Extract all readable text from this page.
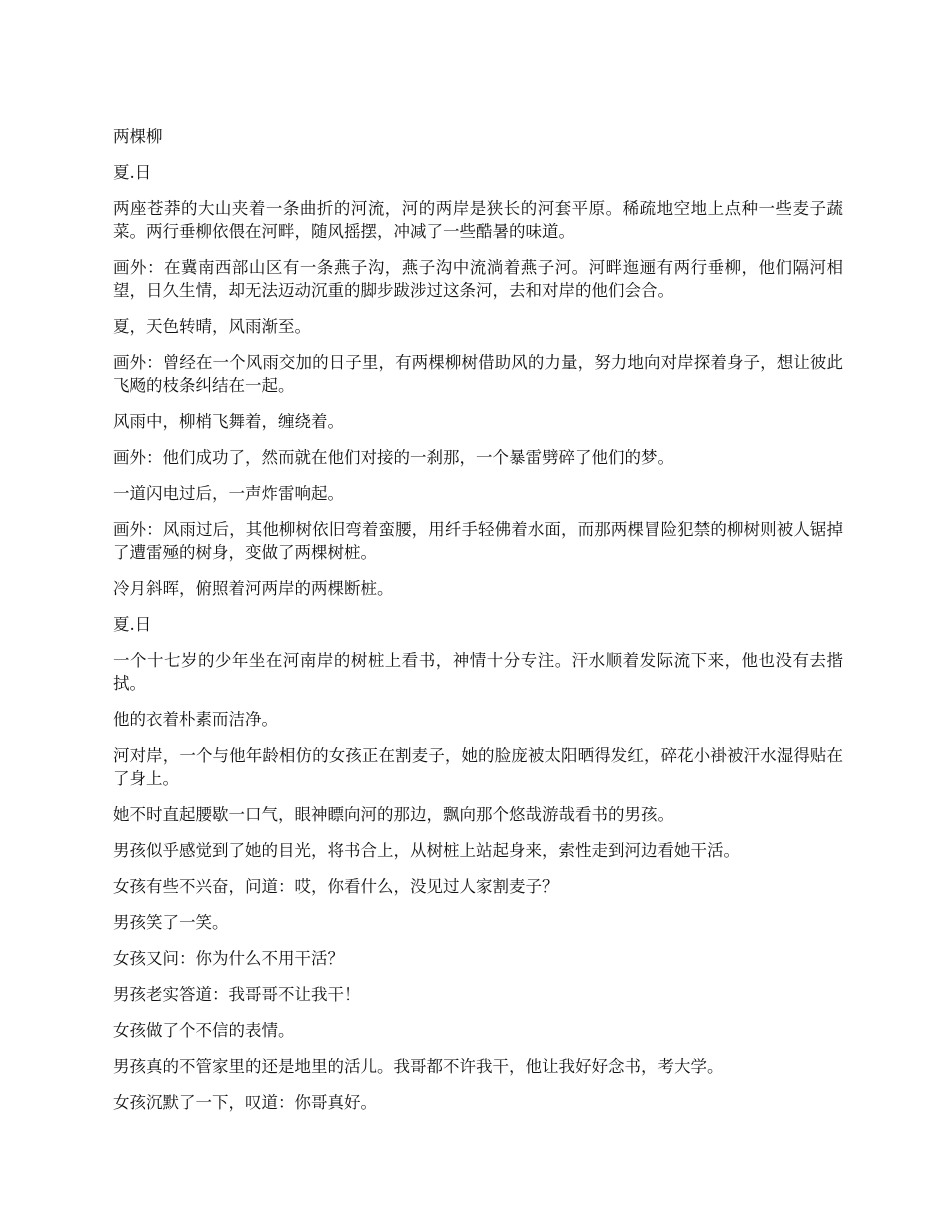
两棵柳

夏.日

两座苍莽的大山夹着一条曲折的河流，河的两岸是狭长的河套平原。稀疏地空地上点种一些麦子蔬菜。两行垂柳依偎在河畔，随风摇摆，冲减了一些酷暑的味道。

画外：在冀南西部山区有一条燕子沟，燕子沟中流淌着燕子河。河畔迤逦有两行垂柳，他们隔河相望，日久生情，却无法迈动沉重的脚步跋涉过这条河，去和对岸的他们会合。

夏，天色转晴，风雨渐至。

画外：曾经在一个风雨交加的日子里，有两棵柳树借助风的力量，努力地向对岸探着身子，想让彼此飞飏的枝条纠结在一起。

风雨中，柳梢飞舞着，缠绕着。

画外：他们成功了，然而就在他们对接的一刹那，一个暴雷劈碎了他们的梦。

一道闪电过后，一声炸雷响起。

画外：风雨过后，其他柳树依旧弯着蛮腰，用纤手轻佛着水面，而那两棵冒险犯禁的柳树则被人锯掉了遭雷殛的树身，变做了两棵树桩。

冷月斜晖，俯照着河两岸的两棵断桩。

夏.日

一个十七岁的少年坐在河南岸的树桩上看书，神情十分专注。汗水顺着发际流下来，他也没有去揩拭。

他的衣着朴素而洁净。

河对岸，一个与他年龄相仿的女孩正在割麦子，她的脸庞被太阳晒得发红，碎花小褂被汗水湿得贴在了身上。

她不时直起腰歇一口气，眼神瞟向河的那边，飘向那个悠哉游哉看书的男孩。

男孩似乎感觉到了她的目光，将书合上，从树桩上站起身来，索性走到河边看她干活。

女孩有些不兴奋，问道：哎，你看什么，没见过人家割麦子？

男孩笑了一笑。

女孩又问：你为什么不用干活？

男孩老实答道：我哥哥不让我干！

女孩做了个不信的表情。

男孩真的不管家里的还是地里的活儿。我哥都不许我干，他让我好好念书，考大学。

女孩沉默了一下，叹道：你哥真好。
